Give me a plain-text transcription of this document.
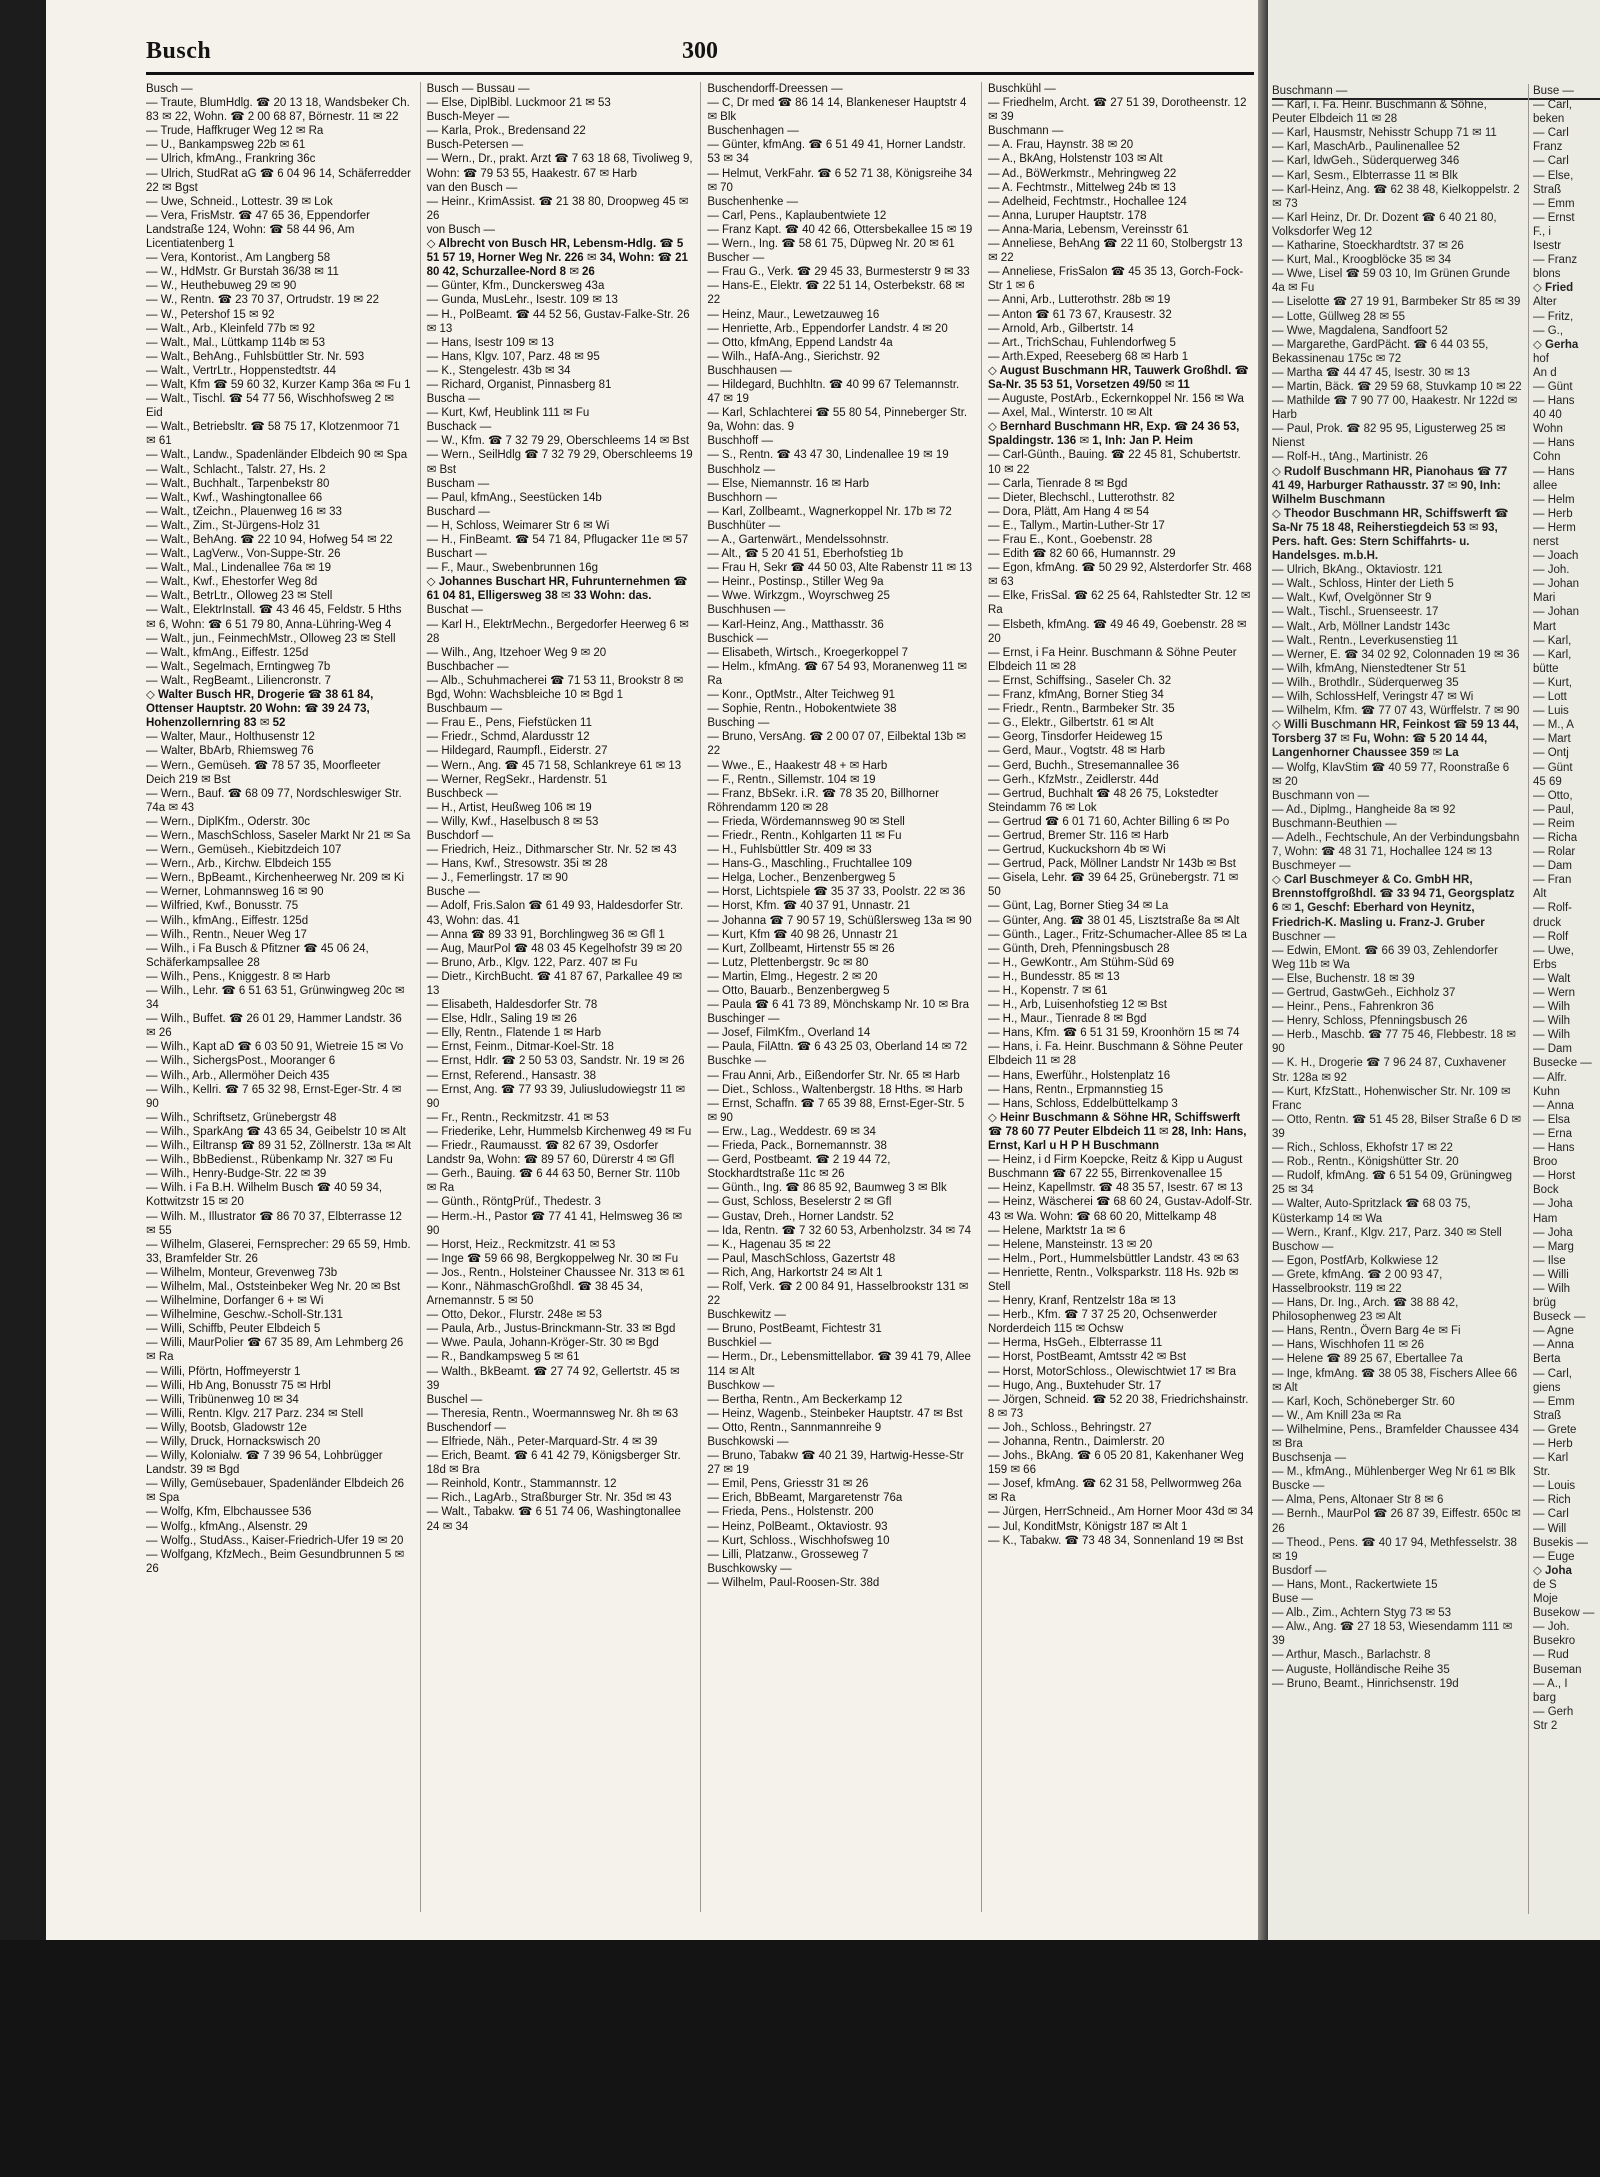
Busch	300
Busch —
— Traute, BlumHdlg. ☎ 20 13 18, Wandsbeker Ch. 83 ✉ 22, Wohn. ☎ 2 00 68 87, Börnestr. 11 ✉ 22
— Trude, Haffkruger Weg 12 ✉ Ra
— U., Bankampsweg 22b ✉ 61
— Ulrich, kfmAng., Frankring 36c
— Ulrich, StudRat aG ☎ 6 04 96 14, Schäferredder 22 ✉ Bgst
— Uwe, Schneid., Lottestr. 39 ✉ Lok
— Vera, FrisMstr. ☎ 47 65 36, Eppendorfer Landstraße 124, Wohn: ☎ 58 44 96, Am Licentiatenberg 1
— Vera, Kontorist., Am Langberg 58
— W., HdMstr. Gr Burstah 36/38 ✉ 11
— W., Heuthebuweg 29 ✉ 90
— W., Rentn. ☎ 23 70 37, Ortrudstr. 19 ✉ 22
— W., Petershof 15 ✉ 92
— Walt., Arb., Kleinfeld 77b ✉ 92
— Walt., Mal., Lüttkamp 114b ✉ 53
— Walt., BehAng., Fuhlsbüttler Str. Nr. 593
— Walt., VertrLtr., Hoppenstedtstr. 44
— Walt, Kfm ☎ 59 60 32, Kurzer Kamp 36a ✉ Fu 1
— Walt., Tischl. ☎ 54 77 56, Wischhofsweg 2 ✉ Eid
— Walt., Betriebsltr. ☎ 58 75 17, Klotzenmoor 71 ✉ 61
— Walt., Landw., Spadenländer Elbdeich 90 ✉ Spa
— Walt., Schlacht., Talstr. 27, Hs. 2
— Walt., Buchhalt., Tarpenbekstr 80
— Walt., Kwf., Washingtonallee 66
— Walt., tZeichn., Plauenweg 16 ✉ 33
— Walt., Zim., St-Jürgens-Holz 31
— Walt., BehAng. ☎ 22 10 94, Hofweg 54 ✉ 22
— Walt., LagVerw., Von-Suppe-Str. 26
— Walt., Mal., Lindenallee 76a ✉ 19
— Walt., Kwf., Ehestorfer Weg 8d
— Walt., BetrLtr., Olloweg 23 ✉ Stell
— Walt., ElektrInstall. ☎ 43 46 45, Feldstr. 5 Hths ✉ 6, Wohn: ☎ 6 51 79 80, Anna-Lühring-Weg 4
— Walt., jun., FeinmechMstr., Olloweg 23 ✉ Stell
— Walt., kfmAng., Eiffestr. 125d
— Walt., Segelmach, Erntingweg 7b
— Walt., RegBeamt., Liliencronstr. 7
◇ Walter Busch HR, Drogerie ☎ 38 61 84, Ottenser Hauptstr. 20 Wohn: ☎ 39 24 73, Hohenzollernring 83 ✉ 52
— Walter, Maur., Holthusenstr 12
— Walter, BbArb, Rhiemsweg 76
— Wern., Gemüseh. ☎ 78 57 35, Moorfleeter Deich 219 ✉ Bst
— Wern., Bauf. ☎ 68 09 77, Nordschleswiger Str. 74a ✉ 43
— Wern., DiplKfm., Oderstr. 30c
— Wern., MaschSchloss, Saseler Markt Nr 21 ✉ Sa
— Wern., Gemüseh., Kiebitzdeich 107
— Wern., Arb., Kirchw. Elbdeich 155
— Wern., BpBeamt., Kirchenheerweg Nr. 209 ✉ Ki
— Werner, Lohmannsweg 16 ✉ 90
— Wilfried, Kwf., Bonusstr. 75
— Wilh., kfmAng., Eiffestr. 125d
— Wilh., Rentn., Neuer Weg 17
— Wilh., i Fa Busch & Pfitzner ☎ 45 06 24, Schäferkampsallee 28
— Wilh., Pens., Kniggestr. 8 ✉ Harb
— Wilh., Lehr. ☎ 6 51 63 51, Grünwingweg 20c ✉ 34
— Wilh., Buffet. ☎ 26 01 29, Hammer Landstr. 36 ✉ 26
— Wilh., Kapt aD ☎ 6 03 50 91, Wietreie 15 ✉ Vo
— Wilh., SichergsPost., Mooranger 6
— Wilh., Arb., Allermöher Deich 435
— Wilh., Kellri. ☎ 7 65 32 98, Ernst-Eger-Str. 4 ✉ 90
— Wilh., Schriftsetz, Grünebergstr 48
— Wilh., SparkAng ☎ 43 65 34, Geibelstr 10 ✉ Alt
— Wilh., Eiltransp ☎ 89 31 52, Zöllnerstr. 13a ✉ Alt
— Wilh., BbBedienst., Rübenkamp Nr. 327 ✉ Fu
— Wilh., Henry-Budge-Str. 22 ✉ 39
— Wilh. i Fa B.H. Wilhelm Busch ☎ 40 59 34, Kottwitzstr 15 ✉ 20
— Wilh. M., Illustrator ☎ 86 70 37, Elbterrasse 12 ✉ 55
— Wilhelm, Glaserei, Fernsprecher: 29 65 59, Hmb. 33, Bramfelder Str. 26
— Wilhelm, Monteur, Grevenweg 73b
— Wilhelm, Mal., Oststeinbeker Weg Nr. 20 ✉ Bst
— Wilhelmine, Dorfanger 6 + ✉ Wi
— Wilhelmine, Geschw.-Scholl-Str.131
— Willi, Schiffb, Peuter Elbdeich 5
— Willi, MaurPolier ☎ 67 35 89, Am Lehmberg 26 ✉ Ra
— Willi, Pförtn, Hoffmeyerstr 1
— Willi, Hb Ang, Bonusstr 75 ✉ Hrbl
— Willi, Tribünenweg 10 ✉ 34
— Willi, Rentn. Klgv. 217 Parz. 234 ✉ Stell
— Willy, Bootsb, Gladowstr 12e
— Willy, Druck, Hornackswisch 20
— Willy, Kolonialw. ☎ 7 39 96 54, Lohbrügger Landstr. 39 ✉ Bgd
— Willy, Gemüsebauer, Spadenländer Elbdeich 26 ✉ Spa
— Wolfg, Kfm, Elbchaussee 536
— Wolfg., kfmAng., Alsenstr. 29
— Wolfg., StudAss., Kaiser-Friedrich-Ufer 19 ✉ 20
— Wolfgang, KfzMech., Beim Gesundbrunnen 5 ✉ 26
Busch — Bussau —
— Else, DiplBibl. Luckmoor 21 ✉ 53
Busch-Meyer —
— Karla, Prok., Bredensand 22
Busch-Petersen —
— Wern., Dr., prakt. Arzt ☎ 7 63 18 68, Tivoliweg 9, Wohn: ☎ 79 53 55, Haakestr. 67 ✉ Harb
van den Busch —
— Heinr., KrimAssist. ☎ 21 38 80, Droopweg 45 ✉ 26
von Busch —
◇ Albrecht von Busch HR, Lebensm-Hdlg. ☎ 5 51 57 19, Horner Weg Nr. 226 ✉ 34, Wohn: ☎ 21 80 42, Schurzallee-Nord 8 ✉ 26
— Günter, Kfm., Dunckersweg 43a
— Gunda, MusLehr., Isestr. 109 ✉ 13
— H., PolBeamt. ☎ 44 52 56, Gustav-Falke-Str. 26 ✉ 13
— Hans, Isestr 109 ✉ 13
— Hans, Klgv. 107, Parz. 48 ✉ 95
— K., Stengelestr. 43b ✉ 34
— Richard, Organist, Pinnasberg 81
Buscha —
— Kurt, Kwf, Heublink 111 ✉ Fu
Buschack —
— W., Kfm. ☎ 7 32 79 29, Oberschleems 14 ✉ Bst
— Wern., SeilHdlg ☎ 7 32 79 29, Oberschleems 19 ✉ Bst
Buscham —
— Paul, kfmAng., Seestücken 14b
Buschard —
— H, Schloss, Weimarer Str 6 ✉ Wi
— H., FinBeamt. ☎ 54 71 84, Pflugacker 11e ✉ 57
Buschart —
— F., Maur., Swebenbrunnen 16g
◇ Johannes Buschart HR, Fuhrunternehmen ☎ 61 04 81, Elligersweg 38 ✉ 33 Wohn: das.
Buschat —
— Karl H., ElektrMechn., Bergedorfer Heerweg 6 ✉ 28
— Wilh., Ang, Itzehoer Weg 9 ✉ 20
Buschbacher —
— Alb., Schuhmacherei ☎ 71 53 11, Brookstr 8 ✉ Bgd, Wohn: Wachsbleiche 10 ✉ Bgd 1
Buschbaum —
— Frau E., Pens, Fiefstücken 11
— Friedr., Schmd, Alardusstr 12
— Hildegard, Raumpfl., Eiderstr. 27
— Wern., Ang. ☎ 45 71 58, Schlankreye 61 ✉ 13
— Werner, RegSekr., Hardenstr. 51
Buschbeck —
— H., Artist, Heußweg 106 ✉ 19
— Willy, Kwf., Haselbusch 8 ✉ 53
Buschdorf —
— Friedrich, Heiz., Dithmarscher Str. Nr. 52 ✉ 43
— Hans, Kwf., Stresowstr. 35i ✉ 28
— J., Femerlingstr. 17 ✉ 90
Busche —
— Adolf, Fris.Salon ☎ 61 49 93, Haldesdorfer Str. 43, Wohn: das. 41
— Anna ☎ 89 33 91, Borchlingweg 36 ✉ Gfl 1
— Aug, MaurPol ☎ 48 03 45 Kegelhofstr 39 ✉ 20
— Bruno, Arb., Klgv. 122, Parz. 407 ✉ Fu
— Dietr., KirchBucht. ☎ 41 87 67, Parkallee 49 ✉ 13
— Elisabeth, Haldesdorfer Str. 78
— Else, Hdlr., Saling 19 ✉ 26
— Elly, Rentn., Flatende 1 ✉ Harb
— Ernst, Feinm., Ditmar-Koel-Str. 18
— Ernst, Hdlr. ☎ 2 50 53 03, Sandstr. Nr. 19 ✉ 26
— Ernst, Referend., Hansastr. 38
— Ernst, Ang. ☎ 77 93 39, Juliusludowiegstr 11 ✉ 90
— Fr., Rentn., Reckmitzstr. 41 ✉ 53
— Friederike, Lehr, Hummelsb Kirchenweg 49 ✉ Fu
— Friedr., Raumausst. ☎ 82 67 39, Osdorfer Landstr 9a, Wohn: ☎ 89 57 60, Dürerstr 4 ✉ Gfl
— Gerh., Bauing. ☎ 6 44 63 50, Berner Str. 110b ✉ Ra
— Günth., RöntgPrüf., Thedestr. 3
— Herm.-H., Pastor ☎ 77 41 41, Helmsweg 36 ✉ 90
— Horst, Heiz., Reckmitzstr. 41 ✉ 53
— Inge ☎ 59 66 98, Bergkoppelweg Nr. 30 ✉ Fu
— Jos., Rentn., Holsteiner Chaussee Nr. 313 ✉ 61
— Konr., NähmaschGroßhdl. ☎ 38 45 34, Arnemannstr. 5 ✉ 50
— Otto, Dekor., Flurstr. 248e ✉ 53
— Paula, Arb., Justus-Brinckmann-Str. 33 ✉ Bgd
— Wwe. Paula, Johann-Kröger-Str. 30 ✉ Bgd
— R., Bandkampsweg 5 ✉ 61
— Walth., BkBeamt. ☎ 27 74 92, Gellertstr. 45 ✉ 39
Buschel —
— Theresia, Rentn., Woermannsweg Nr. 8h ✉ 63
Buschendorf —
— Elfriede, Näh., Peter-Marquard-Str. 4 ✉ 39
— Erich, Beamt. ☎ 6 41 42 79, Königsberger Str. 18d ✉ Bra
— Reinhold, Kontr., Stammannstr. 12
— Rich., LagArb., Straßburger Str. Nr. 35d ✉ 43
— Walt., Tabakw. ☎ 6 51 74 06, Washingtonallee 24 ✉ 34
Buschendorff-Dreessen —
— C, Dr med ☎ 86 14 14, Blankeneser Hauptstr 4 ✉ Blk
Buschenhagen —
— Günter, kfmAng. ☎ 6 51 49 41, Horner Landstr. 53 ✉ 34
— Helmut, VerkFahr. ☎ 6 52 71 38, Königsreihe 34 ✉ 70
Buschenhenke —
— Carl, Pens., Kaplaubentwiete 12
— Franz Kapt. ☎ 40 42 66, Ottersbekallee 15 ✉ 19
— Wern., Ing. ☎ 58 61 75, Düpweg Nr. 20 ✉ 61
Buscher —
— Frau G., Verk. ☎ 29 45 33, Burmesterstr 9 ✉ 33
— Hans-E., Elektr. ☎ 22 51 14, Osterbekstr. 68 ✉ 22
— Heinz, Maur., Lewetzauweg 16
— Henriette, Arb., Eppendorfer Landstr. 4 ✉ 20
— Otto, kfmAng, Eppend Landstr 4a
— Wilh., HafA-Ang., Sierichstr. 92
Buschhausen —
— Hildegard, Buchhltn. ☎ 40 99 67 Telemannstr. 47 ✉ 19
— Karl, Schlachterei ☎ 55 80 54, Pinneberger Str. 9a, Wohn: das. 9
Buschhoff —
— S., Rentn. ☎ 43 47 30, Lindenallee 19 ✉ 19
Buschholz —
— Else, Niemannstr. 16 ✉ Harb
Buschhorn —
— Karl, Zollbeamt., Wagnerkoppel Nr. 17b ✉ 72
Buschhüter —
— A., Gartenwärt., Mendelssohnstr.
— Alt., ☎ 5 20 41 51, Eberhofstieg 1b
— Frau H, Sekr ☎ 44 50 03, Alte Rabenstr 11 ✉ 13
— Heinr., Postinsp., Stiller Weg 9a
— Wwe. Wirkzgm., Woyrschweg 25
Buschhusen —
— Karl-Heinz, Ang., Matthasstr. 36
Buschick —
— Elisabeth, Wirtsch., Kroegerkoppel 7
— Helm., kfmAng. ☎ 67 54 93, Moranenweg 11 ✉ Ra
— Konr., OptMstr., Alter Teichweg 91
— Sophie, Rentn., Hobokentwiete 38
Busching —
— Bruno, VersAng. ☎ 2 00 07 07, Eilbektal 13b ✉ 22
— Wwe., E., Haakestr 48 + ✉ Harb
— F., Rentn., Sillemstr. 104 ✉ 19
— Franz, BbSekr. i.R. ☎ 78 35 20, Billhorner Röhrendamm 120 ✉ 28
— Frieda, Wördemannsweg 90 ✉ Stell
— Friedr., Rentn., Kohlgarten 11 ✉ Fu
— H., Fuhlsbüttler Str. 409 ✉ 33
— Hans-G., Maschling., Fruchtallee 109
— Helga, Locher., Benzenbergweg 5
— Horst, Lichtspiele ☎ 35 37 33, Poolstr. 22 ✉ 36
— Horst, Kfm. ☎ 40 37 91, Unnastr. 21
— Johanna ☎ 7 90 57 19, Schüßlersweg 13a ✉ 90
— Kurt, Kfm ☎ 40 98 26, Unnastr 21
— Kurt, Zollbeamt, Hirtenstr 55 ✉ 26
— Lutz, Plettenbergstr. 9c ✉ 80
— Martin, Elmg., Hegestr. 2 ✉ 20
— Otto, Bauarb., Benzenbergweg 5
— Paula ☎ 6 41 73 89, Mönchskamp Nr. 10 ✉ Bra
Buschinger —
— Josef, FilmKfm., Overland 14
— Paula, FilAttn. ☎ 6 43 25 03, Oberland 14 ✉ 72
Buschke —
— Frau Anni, Arb., Eißendorfer Str. Nr. 65 ✉ Harb
— Diet., Schloss., Waltenbergstr. 18 Hths. ✉ Harb
— Ernst, Schaffn. ☎ 7 65 39 88, Ernst-Eger-Str. 5 ✉ 90
— Erw., Lag., Weddestr. 69 ✉ 34
— Frieda, Pack., Bornemannstr. 38
— Gerd, Postbeamt. ☎ 2 19 44 72, Stockhardtstraße 11c ✉ 26
— Günth., Ing. ☎ 86 85 92, Baumweg 3 ✉ Blk
— Gust, Schloss, Beselerstr 2 ✉ Gfl
— Gustav, Dreh., Horner Landstr. 52
— Ida, Rentn. ☎ 7 32 60 53, Arbenholzstr. 34 ✉ 74
— K., Hagenau 35 ✉ 22
— Paul, MaschSchloss, Gazertstr 48
— Rich, Ang, Harkortstr 24 ✉ Alt 1
— Rolf, Verk. ☎ 2 00 84 91, Hasselbrookstr 131 ✉ 22
Buschkewitz —
— Bruno, PostBeamt, Fichtestr 31
Buschkiel —
— Herm., Dr., Lebensmittellabor. ☎ 39 41 79, Allee 114 ✉ Alt
Buschkow —
— Bertha, Rentn., Am Beckerkamp 12
— Heinz, Wagenb., Steinbeker Hauptstr. 47 ✉ Bst
— Otto, Rentn., Sannmannreihe 9
Buschkowski —
— Bruno, Tabakw ☎ 40 21 39, Hartwig-Hesse-Str 27 ✉ 19
— Emil, Pens, Griesstr 31 ✉ 26
— Erich, BbBeamt, Margaretenstr 76a
— Frieda, Pens., Holstenstr. 200
— Heinz, PolBeamt., Oktaviostr. 93
— Kurt, Schloss., Wischhofsweg 10
— Lilli, Platzanw., Grosseweg 7
Buschkowsky —
— Wilhelm, Paul-Roosen-Str. 38d
Buschkühl —
— Friedhelm, Archt. ☎ 27 51 39, Dorotheenstr. 12 ✉ 39
Buschmann —
— A. Frau, Haynstr. 38 ✉ 20
— A., BkAng, Holstenstr 103 ✉ Alt
— Ad., BöWerkmstr., Mehringweg 22
— A. Fechtmstr., Mittelweg 24b ✉ 13
— Adelheid, Fechtmstr., Hochallee 124
— Anna, Luruper Hauptstr. 178
— Anna-Maria, Lebensm, Vereinsstr 61
— Anneliese, BehAng ☎ 22 11 60, Stolbergstr 13 ✉ 22
— Anneliese, FrisSalon ☎ 45 35 13, Gorch-Fock-Str 1 ✉ 6
— Anni, Arb., Lutterothstr. 28b ✉ 19
— Anton ☎ 61 73 67, Krausestr. 32
— Arnold, Arb., Gilbertstr. 14
— Art., TrichSchau, Fuhlendorfweg 5
— Arth.Exped, Reeseberg 68 ✉ Harb 1
◇ August Buschmann HR, Tauwerk Großhdl. ☎ Sa-Nr. 35 53 51, Vorsetzen 49/50 ✉ 11
— Auguste, PostArb., Eckernkoppel Nr. 156 ✉ Wa
— Axel, Mal., Winterstr. 10 ✉ Alt
◇ Bernhard Buschmann HR, Exp. ☎ 24 36 53, Spaldingstr. 136 ✉ 1, Inh: Jan P. Heim
— Carl-Günth., Bauing. ☎ 22 45 81, Schubertstr. 10 ✉ 22
— Carla, Tienrade 8 ✉ Bgd
— Dieter, Blechschl., Lutterothstr. 82
— Dora, Plätt, Am Hang 4 ✉ 54
— E., Tallym., Martin-Luther-Str 17
— Frau E., Kont., Goebenstr. 28
— Edith ☎ 82 60 66, Humannstr. 29
— Egon, kfmAng. ☎ 50 29 92, Alsterdorfer Str. 468 ✉ 63
— Elke, FrisSal. ☎ 62 25 64, Rahlstedter Str. 12 ✉ Ra
— Elsbeth, kfmAng. ☎ 49 46 49, Goebenstr. 28 ✉ 20
— Ernst, i Fa Heinr. Buschmann & Söhne Peuter Elbdeich 11 ✉ 28
— Ernst, Schiffsing., Saseler Ch. 32
— Franz, kfmAng, Borner Stieg 34
— Friedr., Rentn., Barmbeker Str. 35
— G., Elektr., Gilbertstr. 61 ✉ Alt
— Georg, Tinsdorfer Heideweg 15
— Gerd, Maur., Vogtstr. 48 ✉ Harb
— Gerd, Buchh., Stresemannallee 36
— Gerh., KfzMstr., Zeidlerstr. 44d
— Gertrud, Buchhalt ☎ 48 26 75, Lokstedter Steindamm 76 ✉ Lok
— Gertrud ☎ 6 01 71 60, Achter Billing 6 ✉ Po
— Gertrud, Bremer Str. 116 ✉ Harb
— Gertrud, Kuckuckshorn 4b ✉ Wi
— Gertrud, Pack, Möllner Landstr Nr 143b ✉ Bst
— Gisela, Lehr. ☎ 39 64 25, Grünebergstr. 71 ✉ 50
— Günt, Lag, Borner Stieg 34 ✉ La
— Günter, Ang. ☎ 38 01 45, Lisztstraße 8a ✉ Alt
— Günth., Lager., Fritz-Schumacher-Allee 85 ✉ La
— Günth, Dreh, Pfenningsbusch 28
— H., GewKontr., Am Stühm-Süd 69
— H., Bundesstr. 85 ✉ 13
— H., Kopenstr. 7 ✉ 61
— H., Arb, Luisenhofstieg 12 ✉ Bst
— H., Maur., Tienrade 8 ✉ Bgd
— Hans, Kfm. ☎ 6 51 31 59, Kroonhörn 15 ✉ 74
— Hans, i. Fa. Heinr. Buschmann & Söhne Peuter Elbdeich 11 ✉ 28
— Hans, Ewerführ., Holstenplatz 16
— Hans, Rentn., Erpmannstieg 15
— Hans, Schloss, Eddelbüttelkamp 3
◇ Heinr Buschmann & Söhne HR, Schiffswerft ☎ 78 60 77 Peuter Elbdeich 11 ✉ 28, Inh: Hans, Ernst, Karl u H P H Buschmann
— Heinz, i d Firm Koepcke, Reitz & Kipp u August Buschmann ☎ 67 22 55, Birrenkovenallee 15
— Heinz, Kapellmstr. ☎ 48 35 57, Isestr. 67 ✉ 13
— Heinz, Wäscherei ☎ 68 60 24, Gustav-Adolf-Str. 43 ✉ Wa. Wohn: ☎ 68 60 20, Mittelkamp 48
— Helene, Marktstr 1a ✉ 6
— Helene, Mansteinstr. 13 ✉ 20
— Helm., Port., Hummelsbüttler Landstr. 43 ✉ 63
— Henriette, Rentn., Volksparkstr. 118 Hs. 92b ✉ Stell
— Henry, Kranf, Rentzelstr 18a ✉ 13
— Herb., Kfm. ☎ 7 37 25 20, Ochsenwerder Norderdeich 115 ✉ Ochsw
— Herma, HsGeh., Elbterrasse 11
— Horst, PostBeamt, Amtsstr 42 ✉ Bst
— Horst, MotorSchloss., Olewischtwiet 17 ✉ Bra
— Hugo, Ang., Buxtehuder Str. 17
— Jörgen, Schneid. ☎ 52 20 38, Friedrichshainstr. 8 ✉ 73
— Joh., Schloss., Behringstr. 27
— Johanna, Rentn., Daimlerstr. 20
— Johs., BkAng. ☎ 6 05 20 81, Kakenhaner Weg 159 ✉ 66
— Josef, kfmAng. ☎ 62 31 58, Pellwormweg 26a ✉ Ra
— Jürgen, HerrSchneid., Am Horner Moor 43d ✉ 34
— Jul, KonditMstr, Königstr 187 ✉ Alt 1
— K., Tabakw. ☎ 73 48 34, Sonnenland 19 ✉ Bst
Buschmann —
— Karl, i. Fa. Heinr. Buschmann & Söhne, Peuter Elbdeich 11 ✉ 28
— Karl, Hausmstr, Nehisstr Schupp 71 ✉ 11
— Karl, MaschArb., Paulinenallee 52
— Karl, ldwGeh., Süderquerweg 346
— Karl, Sesm., Elbterrasse 11 ✉ Blk
— Karl-Heinz, Ang. ☎ 62 38 48, Kielkoppelstr. 2 ✉ 73
— Karl Heinz, Dr. Dr. Dozent ☎ 6 40 21 80, Volksdorfer Weg 12
— Katharine, Stoeckhardtstr. 37 ✉ 26
— Kurt, Mal., Kroogblöcke 35 ✉ 34
— Wwe, Lisel ☎ 59 03 10, Im Grünen Grunde 4a ✉ Fu
— Liselotte ☎ 27 19 91, Barmbeker Str 85 ✉ 39
— Lotte, Güllweg 28 ✉ 55
— Wwe, Magdalena, Sandfoort 52
— Margarethe, GardPächt. ☎ 6 44 03 55, Bekassinenau 175c ✉ 72
— Martha ☎ 44 47 45, Isestr. 30 ✉ 13
— Martin, Bäck. ☎ 29 59 68, Stuvkamp 10 ✉ 22
— Mathilde ☎ 7 90 77 00, Haakestr. Nr 122d ✉ Harb
— Paul, Prok. ☎ 82 95 95, Ligusterweg 25 ✉ Nienst
— Rolf-H., tAng., Martinistr. 26
◇ Rudolf Buschmann HR, Pianohaus ☎ 77 41 49, Harburger Rathausstr. 37 ✉ 90, Inh: Wilhelm Buschmann
◇ Theodor Buschmann HR, Schiffswerft ☎ Sa-Nr 75 18 48, Reiherstiegdeich 53 ✉ 93, Pers. haft. Ges: Stern Schiffahrts- u. Handelsges. m.b.H.
— Ulrich, BkAng., Oktaviostr. 121
— Walt., Schloss, Hinter der Lieth 5
— Walt., Kwf, Ovelgönner Str 9
— Walt., Tischl., Sruenseestr. 17
— Walt., Arb, Möllner Landstr 143c
— Walt., Rentn., Leverkusenstieg 11
— Werner, E. ☎ 34 02 92, Colonnaden 19 ✉ 36
— Wilh, kfmAng, Nienstedtener Str 51
— Wilh., Brothdlr., Süderquerweg 35
— Wilh, SchlossHelf, Veringstr 47 ✉ Wi
— Wilhelm, Kfm. ☎ 77 07 43, Würffelstr. 7 ✉ 90
◇ Willi Buschmann HR, Feinkost ☎ 59 13 44, Torsberg 37 ✉ Fu, Wohn: ☎ 5 20 14 44, Langenhorner Chaussee 359 ✉ La
— Wolfg, KlavStim ☎ 40 59 77, Roonstraße 6 ✉ 20
Buschmann von —
— Ad., Diplmg., Hangheide 8a ✉ 92
Buschmann-Beuthien —
— Adelh., Fechtschule, An der Verbindungsbahn 7, Wohn: ☎ 48 31 71, Hochallee 124 ✉ 13
Buschmeyer —
◇ Carl Buschmeyer & Co. GmbH HR, Brennstoffgroßhdl. ☎ 33 94 71, Georgsplatz 6 ✉ 1, Geschf: Eberhard von Heynitz, Friedrich-K. Masling u. Franz-J. Gruber
Buschner —
— Edwin, EMont. ☎ 66 39 03, Zehlendorfer Weg 11b ✉ Wa
— Else, Buchenstr. 18 ✉ 39
— Gertrud, GastwGeh., Eichholz 37
— Heinr., Pens., Fahrenkron 36
— Henry, Schloss, Pfenningsbusch 26
— Herb., Maschb. ☎ 77 75 46, Flebbestr. 18 ✉ 90
— K. H., Drogerie ☎ 7 96 24 87, Cuxhavener Str. 128a ✉ 92
— Kurt, KfzStatt., Hohenwischer Str. Nr. 109 ✉ Franc
— Otto, Rentn. ☎ 51 45 28, Bilser Straße 6 D ✉ 39
— Rich., Schloss, Ekhofstr 17 ✉ 22
— Rob., Rentn., Königshütter Str. 20
— Rudolf, kfmAng. ☎ 6 51 54 09, Grüningweg 25 ✉ 34
— Walter, Auto-Spritzlack ☎ 68 03 75, Küsterkamp 14 ✉ Wa
— Wern., Kranf., Klgv. 217, Parz. 340 ✉ Stell
Buschow —
— Egon, PostfArb, Kolkwiese 12
— Grete, kfmAng. ☎ 2 00 93 47, Hasselbrookstr. 119 ✉ 22
— Hans, Dr. Ing., Arch. ☎ 38 88 42, Philosophenweg 23 ✉ Alt
— Hans, Rentn., Övern Barg 4e ✉ Fi
— Hans, Wischhofen 11 ✉ 26
— Helene ☎ 89 25 67, Ebertallee 7a
— Inge, kfmAng. ☎ 38 05 38, Fischers Allee 66 ✉ Alt
— Karl, Koch, Schöneberger Str. 60
— W., Am Knill 23a ✉ Ra
— Wilhelmine, Pens., Bramfelder Chaussee 434 ✉ Bra
Buschsenja —
— M., kfmAng., Mühlenberger Weg Nr 61 ✉ Blk
Buscke —
— Alma, Pens, Altonaer Str 8 ✉ 6
— Bernh., MaurPol ☎ 26 87 39, Eiffestr. 650c ✉ 26
— Theod., Pens. ☎ 40 17 94, Methfesselstr. 38 ✉ 19
Busdorf —
— Hans, Mont., Rackertwiete 15
Buse —
— Alb., Zim., Achtern Styg 73 ✉ 53
— Alw., Ang. ☎ 27 18 53, Wiesendamm 111 ✉ 39
— Arthur, Masch., Barlachstr. 8
— Auguste, Holländische Reihe 35
— Bruno, Beamt., Hinrichsenstr. 19d
Buse —
— Carl,
beken
— Carl
Franz
— Carl
— Else,
Straß
— Emm
— Ernst
F., i
Isestr
— Franz
blons
◇ Fried
Alter
— Fritz,
— G.,
◇ Gerha
hof
An d
— Günt
— Hans
40 40
Wohn
— Hans
Cohn
— Hans
allee
— Helm
— Herb
— Herm
nerst
— Joach
— Joh.
— Johan
Mari
— Johan
Mart
— Karl,
— Karl,
bütte
— Kurt,
— Lott
— Luis
— M., A
— Mart
— Ontj
— Günt
45 69
— Otto,
— Paul,
— Reim
— Richa
— Rolar
— Dam
— Fran
Alt
— Rolf-
druck
— Rolf
— Uwe,
Erbs
— Walt
— Wern
— Wilh
— Wilh
— Wilh
— Dam
Busecke —
— Alfr.
Kuhn
— Anna
— Elsa
— Erna
— Hans
Broo
— Horst
Bock
— Joha
Ham
— Joha
— Marg
— Ilse
— Willi
— Wilh
brüg
Buseck —
— Agne
— Anna
Berta
— Carl,
giens
— Emm
Straß
— Grete
— Herb
— Karl
Str.
— Louis
— Rich
— Carl
— Will
Busekis —
— Euge
◇ Joha
de S
Moje
Busekow —
— Joh.
Busekro
— Rud
Buseman
— A., I
barg
— Gerh
Str 2
